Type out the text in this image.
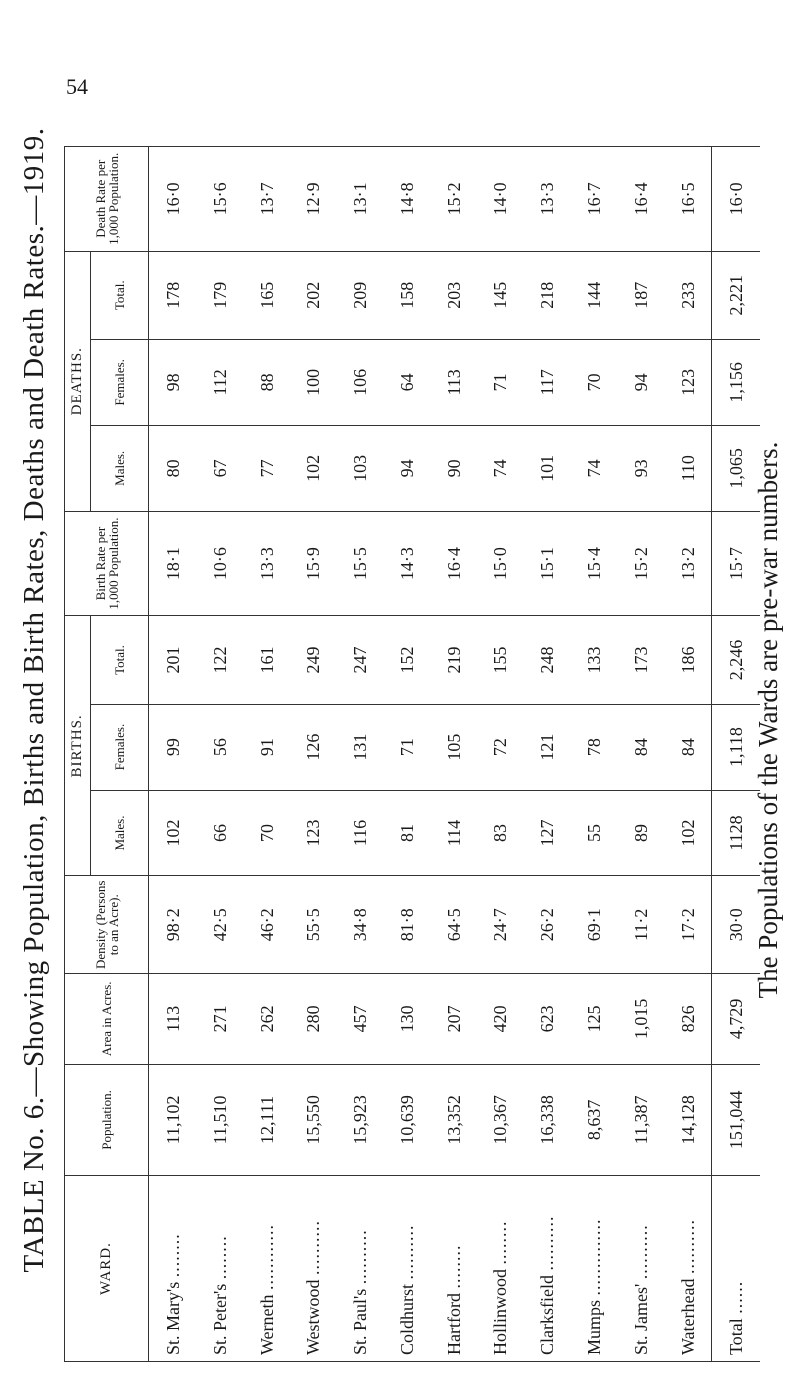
54
TABLE No. 6.—Showing Population, Births and Birth Rates, Deaths and Death Rates.—1919.	The Populations of the Wards are pre-war numbers.
WARD.	Population.	Area in Acres.	Density (Persons to an Acre).	BIRTHS.			Birth Rate per 1,000 Population.	DEATHS.			Death Rate per 1,000 Population.
				Males.	Females.	Total.		Males.	Females.	Total.	
St. Mary's ........	11,102	113	98·2	102	99	201	18·1	80	98	178	16·0
St. Peter's ........	11,510	271	42·5	66	56	122	10·6	67	112	179	15·6
Werneth ............	12,111	262	46·2	70	91	161	13·3	77	88	165	13·7
Westwood ..........	15,550	280	55·5	123	126	249	15·9	102	100	202	12·9
St. Paul's ..........	15,923	457	34·8	116	131	247	15·5	103	106	209	13·1
Coldhurst ..........	10,639	130	81·8	81	71	152	14·3	94	64	158	14·8
Hartford ........	13,352	207	64·5	114	105	219	16·4	90	113	203	15·2
Hollinwood ........	10,367	420	24·7	83	72	155	15·0	74	71	145	14·0
Clarksfield ..........	16,338	623	26·2	127	121	248	15·1	101	117	218	13·3
Mumps ..............	8,637	125	69·1	55	78	133	15·4	74	70	144	16·7
St. James' ..........	11,387	1,015	11·2	89	84	173	15·2	93	94	187	16·4
Waterhead ..........	14,128	826	17·2	102	84	186	13·2	110	123	233	16·5
Total ......	151,044	4,729	30·0	1128	1,118	2,246	15·7	1,065	1,156	2,221	16·0
